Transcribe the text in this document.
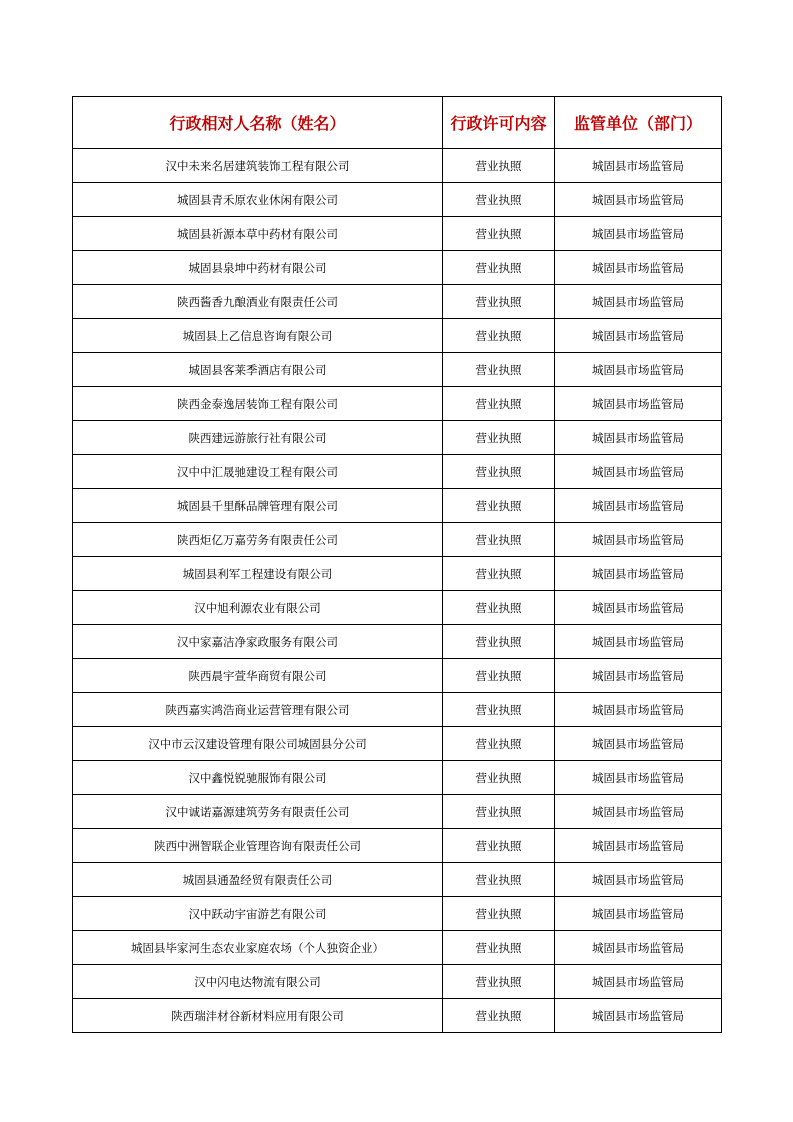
行政相对人名称（姓名）	行政许可内容	监管单位（部门）
汉中未来名居建筑装饰工程有限公司	营业执照	城固县市场监管局
城固县青禾原农业休闲有限公司	营业执照	城固县市场监管局
城固县祈源本草中药材有限公司	营业执照	城固县市场监管局
城固县泉坤中药材有限公司	营业执照	城固县市场监管局
陕西酱香九酿酒业有限责任公司	营业执照	城固县市场监管局
城固县上乙信息咨询有限公司	营业执照	城固县市场监管局
城固县客莱季酒店有限公司	营业执照	城固县市场监管局
陕西金泰逸居装饰工程有限公司	营业执照	城固县市场监管局
陕西建远游旅行社有限公司	营业执照	城固县市场监管局
汉中中汇晟驰建设工程有限公司	营业执照	城固县市场监管局
城固县千里酥品牌管理有限公司	营业执照	城固县市场监管局
陕西炬亿万嘉劳务有限责任公司	营业执照	城固县市场监管局
城固县利军工程建设有限公司	营业执照	城固县市场监管局
汉中旭利源农业有限公司	营业执照	城固县市场监管局
汉中家嘉洁净家政服务有限公司	营业执照	城固县市场监管局
陕西晨宇萱华商贸有限公司	营业执照	城固县市场监管局
陕西嘉实鸿浩商业运营管理有限公司	营业执照	城固县市场监管局
汉中市云汉建设管理有限公司城固县分公司	营业执照	城固县市场监管局
汉中鑫悦锐驰服饰有限公司	营业执照	城固县市场监管局
汉中诚诺嘉源建筑劳务有限责任公司	营业执照	城固县市场监管局
陕西中洲智联企业管理咨询有限责任公司	营业执照	城固县市场监管局
城固县通盈经贸有限责任公司	营业执照	城固县市场监管局
汉中跃动宇宙游艺有限公司	营业执照	城固县市场监管局
城固县毕家河生态农业家庭农场（个人独资企业）	营业执照	城固县市场监管局
汉中闪电达物流有限公司	营业执照	城固县市场监管局
陕西瑞沣材谷新材料应用有限公司	营业执照	城固县市场监管局
